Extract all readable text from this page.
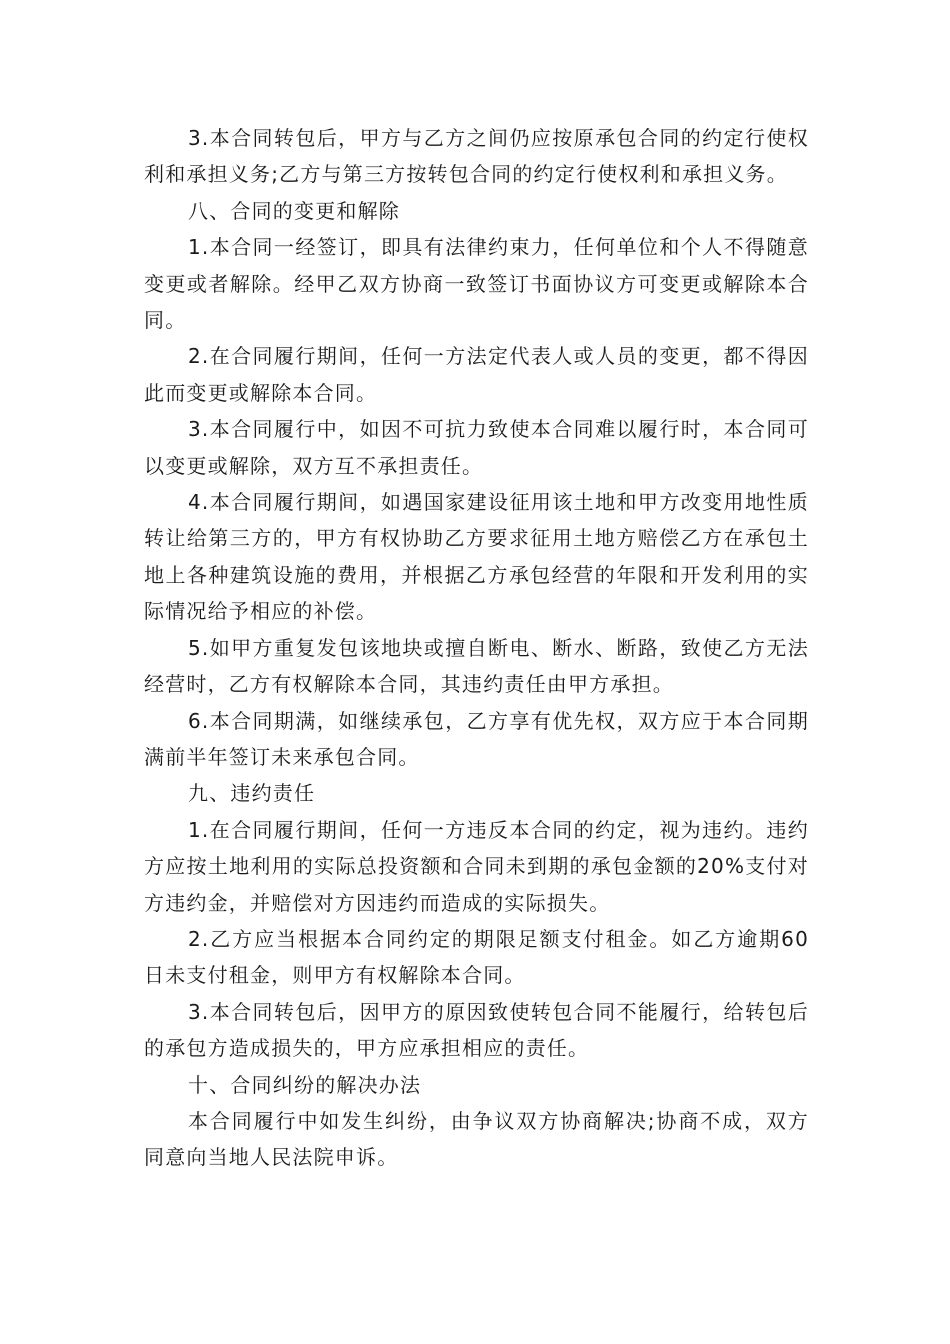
3.本合同转包后，甲方与乙方之间仍应按原承包合同的约定行使权利和承担义务;乙方与第三方按转包合同的约定行使权利和承担义务。

八、合同的变更和解除

1.本合同一经签订，即具有法律约束力，任何单位和个人不得随意变更或者解除。经甲乙双方协商一致签订书面协议方可变更或解除本合同。

2.在合同履行期间，任何一方法定代表人或人员的变更，都不得因此而变更或解除本合同。

3.本合同履行中，如因不可抗力致使本合同难以履行时，本合同可以变更或解除，双方互不承担责任。

4.本合同履行期间，如遇国家建设征用该土地和甲方改变用地性质转让给第三方的，甲方有权协助乙方要求征用土地方赔偿乙方在承包土地上各种建筑设施的费用，并根据乙方承包经营的年限和开发利用的实际情况给予相应的补偿。

5.如甲方重复发包该地块或擅自断电、断水、断路，致使乙方无法经营时，乙方有权解除本合同，其违约责任由甲方承担。

6.本合同期满，如继续承包，乙方享有优先权，双方应于本合同期满前半年签订未来承包合同。

九、违约责任

1.在合同履行期间，任何一方违反本合同的约定，视为违约。违约方应按土地利用的实际总投资额和合同未到期的承包金额的20%支付对方违约金，并赔偿对方因违约而造成的实际损失。

2.乙方应当根据本合同约定的期限足额支付租金。如乙方逾期60日未支付租金，则甲方有权解除本合同。

3.本合同转包后，因甲方的原因致使转包合同不能履行，给转包后的承包方造成损失的，甲方应承担相应的责任。

十、合同纠纷的解决办法

本合同履行中如发生纠纷，由争议双方协商解决;协商不成，双方同意向当地人民法院申诉。
